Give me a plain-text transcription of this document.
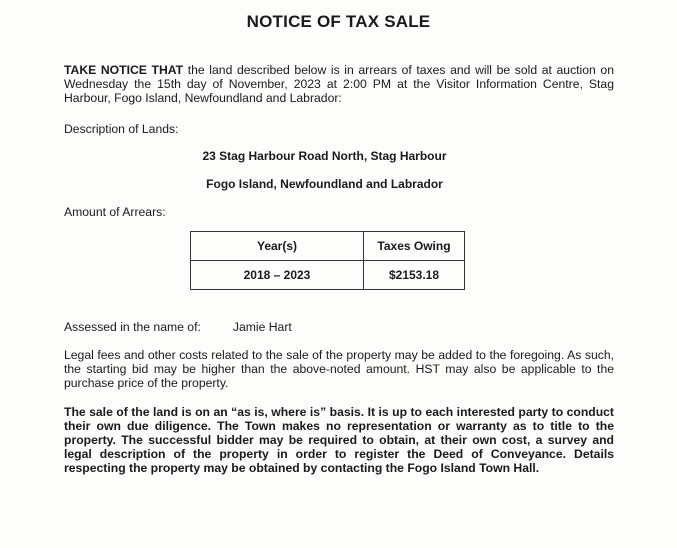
NOTICE OF TAX SALE
TAKE NOTICE THAT the land described below is in arrears of taxes and will be sold at auction on Wednesday the 15th day of November, 2023 at 2:00 PM at the Visitor Information Centre, Stag Harbour, Fogo Island, Newfoundland and Labrador:
Description of Lands:
23 Stag Harbour Road North, Stag Harbour
Fogo Island, Newfoundland and Labrador
Amount of Arrears:
Year(s)	Taxes Owing
2018 – 2023	$2153.18
Assessed in the name of:	Jamie Hart
Legal fees and other costs related to the sale of the property may be added to the foregoing. As such, the starting bid may be higher than the above-noted amount. HST may also be applicable to the purchase price of the property.
The sale of the land is on an “as is, where is” basis. It is up to each interested party to conduct their own due diligence. The Town makes no representation or warranty as to title to the property. The successful bidder may be required to obtain, at their own cost, a survey and legal description of the property in order to register the Deed of Conveyance. Details respecting the property may be obtained by contacting the Fogo Island Town Hall.
